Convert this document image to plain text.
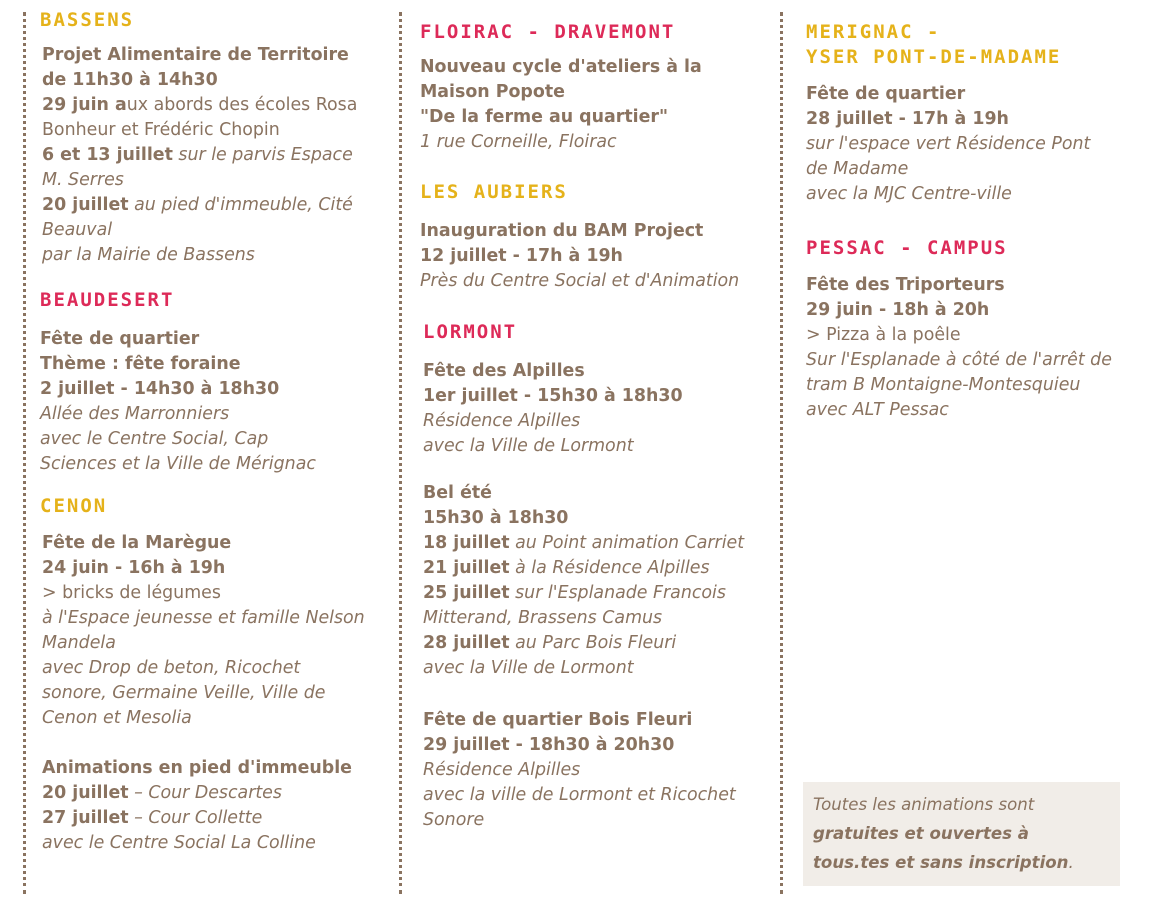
BASSENS
Projet Alimentaire de Territoire
de 11h30 à 14h30
29 juin aux abords des écoles Rosa
Bonheur et Frédéric Chopin
6 et 13 juillet sur le parvis Espace
M. Serres
20 juillet au pied d'immeuble, Cité
Beauval
par la Mairie de Bassens
BEAUDESERT
Fête de quartier
Thème : fête foraine
2 juillet - 14h30 à 18h30
Allée des Marronniers
avec le Centre Social, Cap
Sciences et la Ville de Mérignac
CENON
Fête de la Marègue
24 juin - 16h à 19h
> bricks de légumes
à l'Espace jeunesse et famille Nelson
Mandela
avec Drop de beton, Ricochet
sonore, Germaine Veille, Ville de
Cenon et Mesolia
Animations en pied d'immeuble
20 juillet – Cour Descartes
27 juillet – Cour Collette
avec le Centre Social La Colline
FLOIRAC - DRAVEMONT
Nouveau cycle d'ateliers à la
Maison Popote
"De la ferme au quartier"
1 rue Corneille, Floirac
LES AUBIERS
Inauguration du BAM Project
12 juillet - 17h à 19h
Près du Centre Social et d'Animation
LORMONT
Fête des Alpilles
1er juillet - 15h30 à 18h30
Résidence Alpilles
avec la Ville de Lormont
Bel été
15h30 à 18h30
18 juillet au Point animation Carriet
21 juillet à la Résidence Alpilles
25 juillet sur l'Esplanade Francois
Mitterand, Brassens Camus
28 juillet au Parc Bois Fleuri
avec la Ville de Lormont
Fête de quartier Bois Fleuri
29 juillet - 18h30 à 20h30
Résidence Alpilles
avec la ville de Lormont et Ricochet
Sonore
MERIGNAC -
YSER PONT-DE-MADAME
Fête de quartier
28 juillet - 17h à 19h
sur l'espace vert Résidence Pont
de Madame
avec la MJC Centre-ville
PESSAC - CAMPUS
Fête des Triporteurs
29 juin - 18h à 20h
> Pizza à la poêle
Sur l'Esplanade à côté de l'arrêt de
tram B Montaigne-Montesquieu
avec ALT Pessac
Toutes les animations sont
gratuites et ouvertes à
tous.tes et sans inscription.
